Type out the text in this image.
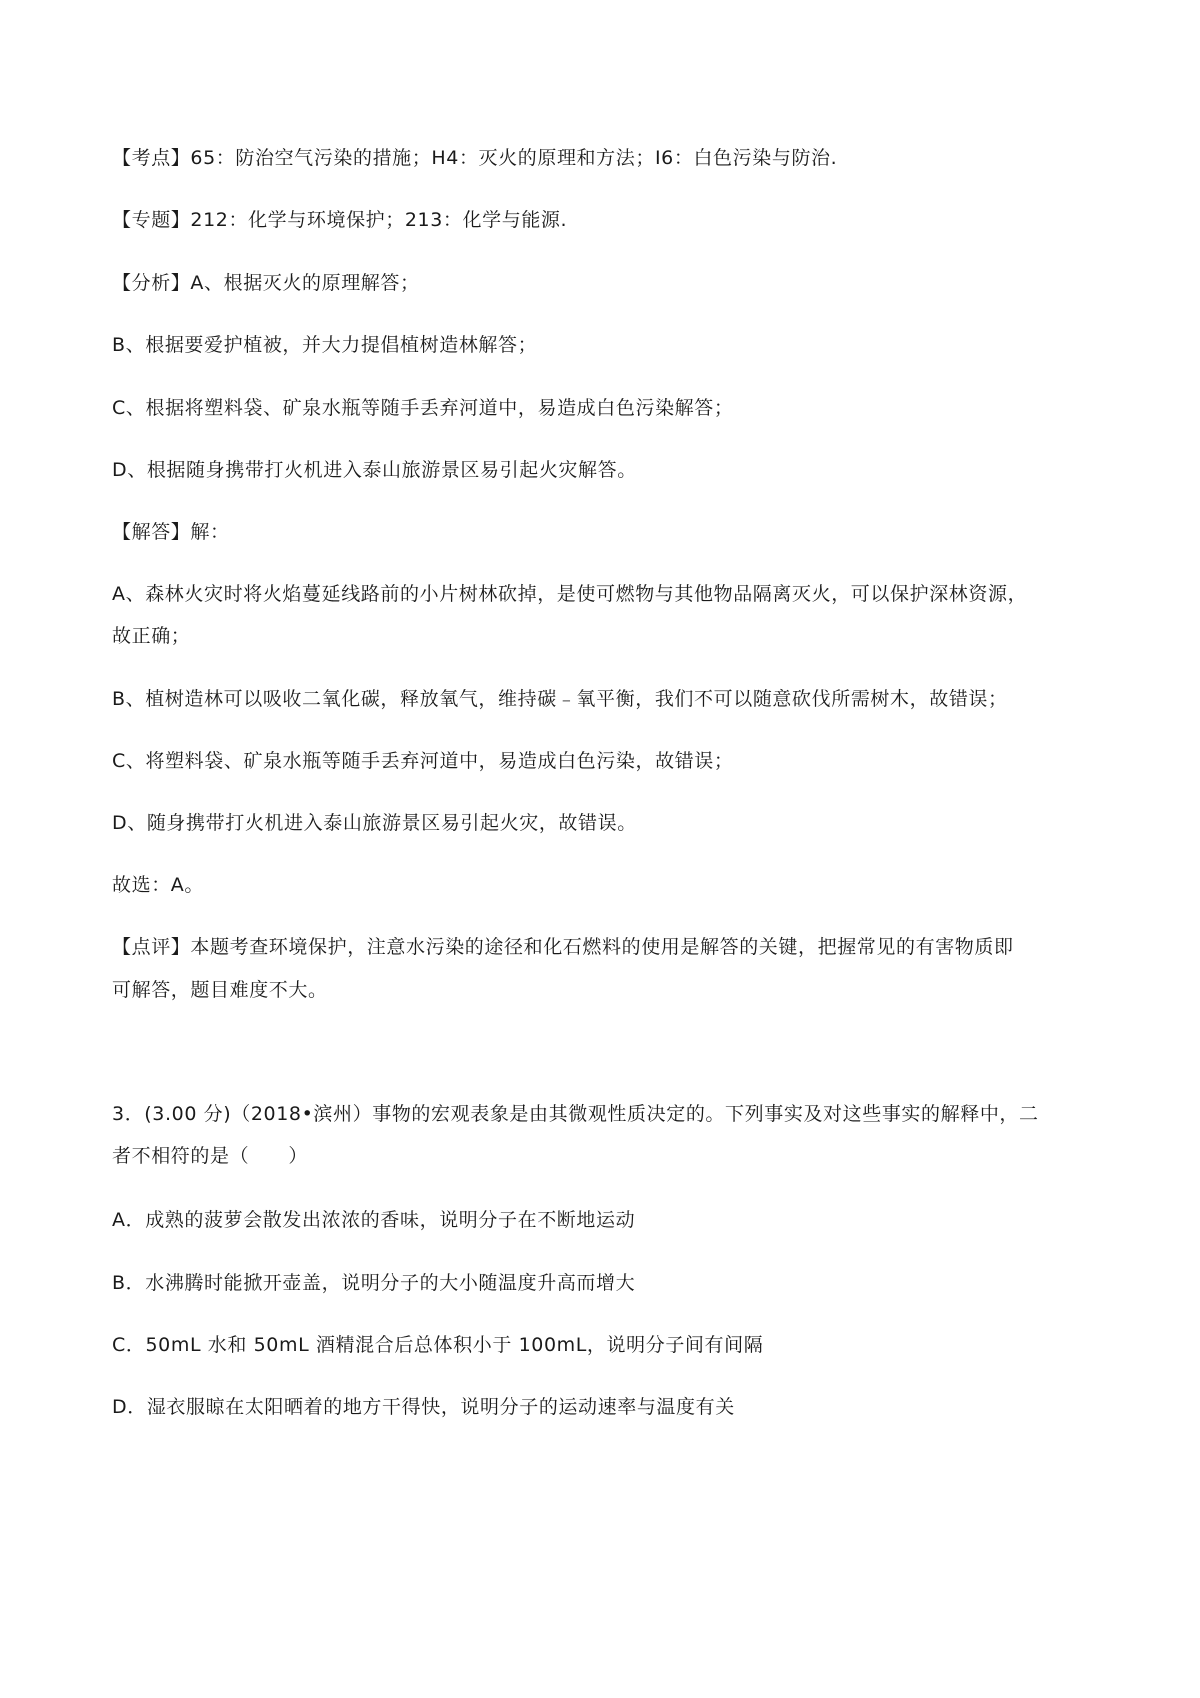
【考点】65：防治空气污染的措施；H4：灭火的原理和方法；I6：白色污染与防治.
【专题】212：化学与环境保护；213：化学与能源.
【分析】A、根据灭火的原理解答；
B、根据要爱护植被，并大力提倡植树造林解答；
C、根据将塑料袋、矿泉水瓶等随手丢弃河道中，易造成白色污染解答；
D、根据随身携带打火机进入泰山旅游景区易引起火灾解答。
【解答】解：
A、森林火灾时将火焰蔓延线路前的小片树林砍掉，是使可燃物与其他物品隔离灭火，可以保护深林资源，
故正确；
B、植树造林可以吸收二氧化碳，释放氧气，维持碳﹣氧平衡，我们不可以随意砍伐所需树木，故错误；
C、将塑料袋、矿泉水瓶等随手丢弃河道中，易造成白色污染，故错误；
D、随身携带打火机进入泰山旅游景区易引起火灾，故错误。
故选：A。
【点评】本题考查环境保护，注意水污染的途径和化石燃料的使用是解答的关键，把握常见的有害物质即
可解答，题目难度不大。
3．(3.00 分)（2018•滨州）事物的宏观表象是由其微观性质决定的。下列事实及对这些事实的解释中，二
者不相符的是（　　）
A．成熟的菠萝会散发出浓浓的香味，说明分子在不断地运动
B．水沸腾时能掀开壶盖，说明分子的大小随温度升高而增大
C．50mL 水和 50mL 酒精混合后总体积小于 100mL，说明分子间有间隔
D．湿衣服晾在太阳晒着的地方干得快，说明分子的运动速率与温度有关
